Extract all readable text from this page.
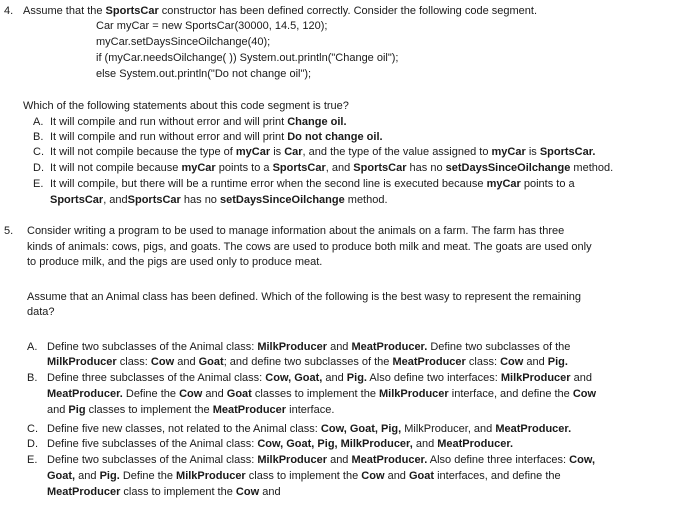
4. Assume that the SportsCar constructor has been defined correctly. Consider the following code segment.
Car myCar = new SportsCar(30000, 14.5, 120);
myCar.setDaysSinceOilchange(40);
if (myCar.needsOilchange( )) System.out.println("Change oil");
else System.out.println("Do not change oil");
Which of the following statements about this code segment is true?
A. It will compile and run without error and will print Change oil.
B. It will compile and run without error and will print Do not change oil.
C. It will not compile because the type of myCar is Car, and the type of the value assigned to myCar is SportsCar.
D. It will not compile because myCar points to a SportsCar, and SportsCar has no setDaysSinceOilchange method.
E. It will compile, but there will be a runtime error when the second line is executed because myCar points to a
SportsCar, andSportsCar has no setDaysSinceOilchange method.
5. Consider writing a program to be used to manage information about the animals on a farm. The farm has three
kinds of animals: cows, pigs, and goats. The cows are used to produce both milk and meat. The goats are used only
to produce milk, and the pigs are used only to produce meat.
Assume that an Animal class has been defined. Which of the following is the best wasy to represent the remaining
data?
A. Define two subclasses of the Animal class: MilkProducer and MeatProducer. Define two subclasses of the
MilkProducer class: Cow and Goat; and define two subclasses of the MeatProducer class: Cow and Pig.
B. Define three subclasses of the Animal class: Cow, Goat, and Pig. Also define two interfaces: MilkProducer and
MeatProducer. Define the Cow and Goat classes to implement the MilkProducer interface, and define the Cow
and Pig classes to implement the MeatProducer interface.
C. Define five new classes, not related to the Animal class: Cow, Goat, Pig, MilkProducer, and MeatProducer.
D. Define five subclasses of the Animal class: Cow, Goat, Pig, MilkProducer, and MeatProducer.
E. Define two subclasses of the Animal class: MilkProducer and MeatProducer. Also define three interfaces: Cow,
Goat, and Pig. Define the MilkProducer class to implement the Cow and Goat interfaces, and define the
MeatProducer class to implement the Cow and
